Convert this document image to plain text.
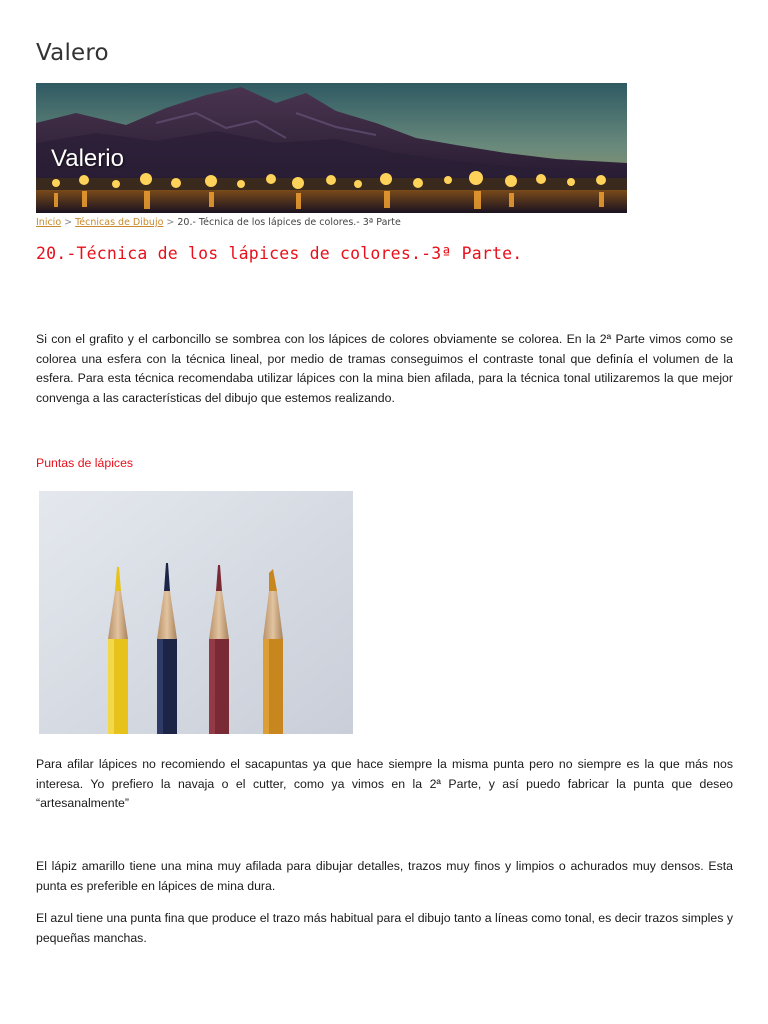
Valero
Valerio
Inicio > Técnicas de Dibujo > 20.- Técnica de los lápices de colores.- 3ª Parte
20.-Técnica de los lápices de colores.-3ª Parte.

Si con el grafito y el carboncillo se sombrea con los lápices de colores obviamente se colorea. En la 2ª Parte vimos como se colorea una esfera con la técnica lineal, por medio de tramas conseguimos el contraste tonal que definía el volumen de la esfera. Para esta técnica recomendaba utilizar lápices con la mina bien afilada, para la técnica tonal utilizaremos la que mejor convenga a las características del dibujo que estemos realizando.

Puntas de lápices

Para afilar lápices no recomiendo el sacapuntas ya que hace siempre la misma punta pero no siempre es la que más nos interesa. Yo prefiero la navaja o el cutter, como ya vimos en la 2ª Parte, y así puedo fabricar la punta que deseo “artesanalmente”

El lápiz amarillo tiene una mina muy afilada para dibujar detalles, trazos muy finos y limpios o achurados muy densos. Esta punta es preferible en lápices de mina dura.

El azul tiene una punta fina que produce el trazo más habitual para el dibujo tanto a líneas como tonal, es decir trazos simples y pequeñas manchas.
